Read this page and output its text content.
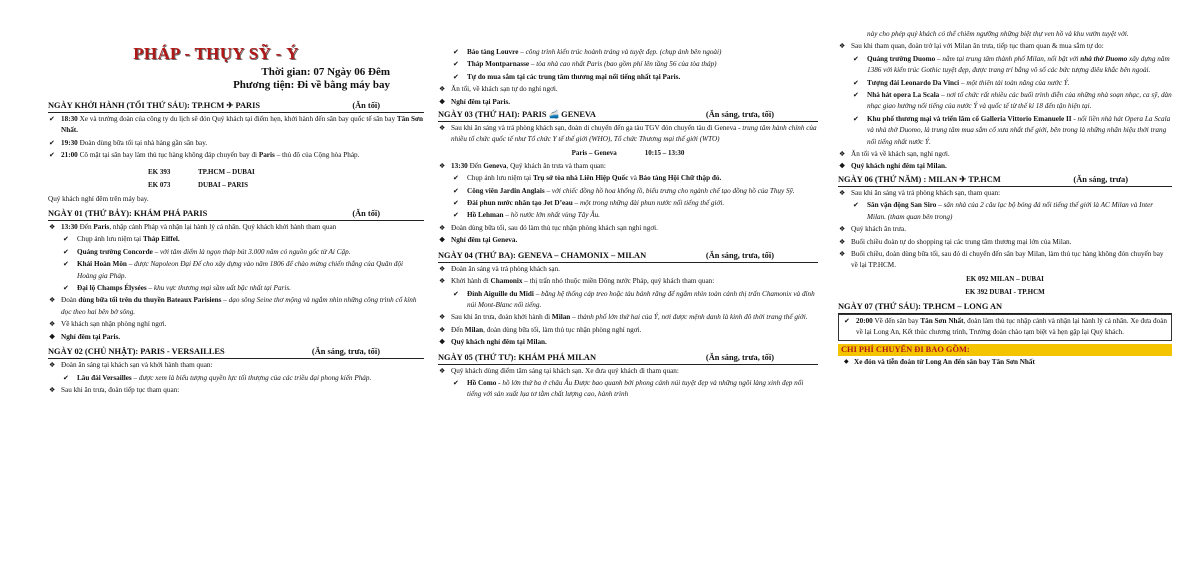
PHÁP - THỤY SỸ - Ý
Thời gian: 07 Ngày 06 Đêm
Phương tiện: Đi về bằng máy bay
NGÀY KHỞI HÀNH (TỐI THỨ SÁU): TP.HCM ✈ PARIS	(Ăn tối)
✔ 18:30 Xe và trưởng đoàn của công ty du lịch sẽ đón Quý khách tại điểm hẹn, khởi hành đến sân bay quốc tế sân bay Tân Sơn Nhất.
✔ 19:30 Đoàn dùng bữa tối tại nhà hàng gần sân bay.
✔ 21:00 Cô mặt tại sân bay làm thủ tục hàng không đáp chuyến bay đi Paris – thủ đô của Cộng hòa Pháp.
EK 393	TP.HCM – DUBAI
EK 073	DUBAI – PARIS
Quý khách nghỉ đêm trên máy bay.
NGÀY 01 (THỨ BẢY): KHÁM PHÁ PARIS	(Ăn tối)
❖ 13:30 Đến Paris, nhập cảnh Pháp và nhận lại hành lý cá nhân. Quý khách khởi hành tham quan
✔ Chụp ảnh lưu niệm tại Tháp Eiffel.
✔ Quảng trường Concorde – với tâm điểm là ngọn tháp bút 3.000 năm có nguồn gốc từ Ai Cập.
✔ Khải Hoàn Môn – được Napoleon Đại Đế cho xây dựng vào năm 1806 để chào mừng chiến thắng của Quân đội Hoàng gia Pháp.
✔ Đại lộ Champs Élysées – khu vực thương mại sầm uất bậc nhất tại Paris.
❖ Đoàn dùng bữa tối trên du thuyền Bateaux Parisiens – dạo sông Seine thơ mộng và ngắm nhìn những công trình cổ kính dọc theo hai bên bờ sông.
❖ Về khách sạn nhận phòng nghỉ ngơi.
❖ Nghỉ đêm tại Paris.
NGÀY 02 (CHỦ NHẬT): PARIS - VERSAILLES	(Ăn sáng, trưa, tối)
❖ Đoàn ăn sáng tại khách sạn và khởi hành tham quan:
✔ Lâu đài Versailles – được xem là biểu tượng quyền lực tối thượng của các triều đại phong kiến Pháp.
❖ Sau khi ăn trưa, đoàn tiếp tục tham quan:
✔ Bảo tàng Louvre – công trình kiến trúc hoành tráng và tuyệt đẹp. (chụp ảnh bên ngoài)
✔ Tháp Montparnasse – tòa nhà cao nhất Paris (bao gồm phí lên tầng 56 của tòa tháp)
✔ Tự do mua sắm tại các trung tâm thương mại nổi tiếng nhất tại Paris.
❖ Ăn tối, về khách sạn tự do nghỉ ngơi.
❖ Nghỉ đêm tại Paris.
NGÀY 03 (THỨ HAI): PARIS 🚄 GENEVA	(Ăn sáng, trưa, tối)
❖ Sau khi ăn sáng và trả phòng khách sạn, đoàn di chuyển đến ga tàu TGV đón chuyến tàu đi Geneva - trung tâm hành chính của nhiều tổ chức quốc tế như Tổ chức Y tế thế giới (WHO), Tổ chức Thương mại thế giới (WTO)
Paris – Geneva	10:15 – 13:30
❖ 13:30 Đến Geneva, Quý khách ăn trưa và tham quan:
✔ Chụp ảnh lưu niệm tại Trụ sở tòa nhà Liên Hiệp Quốc và Bảo tàng Hội Chữ thập đỏ.
✔ Công viên Jardin Anglais – với chiếc đồng hồ hoa khổng lồ, biểu trưng cho ngành chế tạo đồng hồ của Thụy Sỹ.
✔ Đài phun nước nhân tạo Jet D’eau – một trong những đài phun nước nổi tiếng thế giới.
✔ Hồ Lehman – hồ nước lớn nhất vùng Tây Âu.
❖ Đoàn dùng bữa tối, sau đó làm thủ tục nhận phòng khách sạn nghỉ ngơi.
❖ Nghỉ đêm tại Geneva.
NGÀY 04 (THỨ BA): GENEVA – CHAMONIX – MILAN	(Ăn sáng, trưa, tối)
❖ Đoàn ăn sáng và trả phòng khách sạn.
❖ Khởi hành đi Chamonix – thị trấn nhỏ thuộc miền Đông nước Pháp, quý khách tham quan:
✔ Đỉnh Aiguille du Midi – bằng hệ thống cáp treo hoặc tàu bánh răng để ngắm nhìn toàn cảnh thị trấn Chamonix và đỉnh núi Mont-Blanc nổi tiếng.
❖ Sau khi ăn trưa, đoàn khởi hành đi Milan – thành phố lớn thứ hai của Ý, nơi được mệnh danh là kinh đô thời trang thế giới.
❖ Đến Milan, đoàn dùng bữa tối, làm thủ tục nhận phòng nghỉ ngơi.
❖ Quý khách nghỉ đêm tại Milan.
NGÀY 05 (THỨ TƯ): KHÁM PHÁ MILAN	(Ăn sáng, trưa, tối)
❖ Quý khách dùng điểm tâm sáng tại khách sạn. Xe đưa quý khách đi tham quan:
✔ Hồ Como - hồ lớn thứ ba ở châu Âu Được bao quanh bởi phong cảnh núi tuyệt đẹp và những ngôi làng xinh đẹp nổi tiếng với sản xuất lụa tơ tằm chất lượng cao, hành trình
này cho phép quý khách có thể chiêm ngưỡng những biệt thự ven hồ và khu vườn tuyệt vời.
❖ Sau khi tham quan, đoàn trở lại với Milan ăn trưa, tiếp tục tham quan & mua sắm tự do:
✔ Quảng trường Duomo – nằm tại trung tâm thành phố Milan, nổi bật với nhà thờ Duomo xây dựng năm 1386 với kiến trúc Gothic tuyệt đẹp, được trang trí bằng vô số các bức tượng điêu khắc bên ngoài.
✔ Tượng đài Leonardo Da Vinci – một thiên tài toàn năng của nước Ý.
✔ Nhà hát opera La Scala – nơi tổ chức rất nhiều các buổi trình diễn của những nhà soạn nhạc, ca sỹ, dàn nhạc giao hưởng nổi tiếng của nước Ý và quốc tế từ thế kỉ 18 đến tận hiện tại.
✔ Khu phố thương mại và triển lãm cổ Galleria Vittorio Emanuele II - nối liền nhà hát Opera La Scala và nhà thờ Duomo, là trung tâm mua sắm cổ xưa nhất thế giới, bên trong là những nhãn hiệu thời trang nổi tiếng nhất nước Ý.
❖ Ăn tối và về khách sạn, nghỉ ngơi.
❖ Quý khách nghỉ đêm tại Milan.
NGÀY 06 (THỨ NĂM) : MILAN ✈ TP.HCM	(Ăn sáng, trưa)
❖ Sau khi ăn sáng và trả phòng khách sạn, tham quan:
✔ Sân vận động San Siro – sân nhà của 2 câu lạc bộ bóng đá nổi tiếng thế giới là AC Milan và Inter Milan. (tham quan bên trong)
❖ Quý khách ăn trưa.
❖ Buổi chiều đoàn tự do shopping tại các trung tâm thương mại lớn của Milan.
❖ Buổi chiều, đoàn dùng bữa tối, sau đó di chuyển đến sân bay Milan, làm thủ tục hàng không đón chuyến bay về lại TP.HCM.
EK 092 MILAN – DUBAI
EK 392 DUBAI - TP.HCM
NGÀY 07 (THỨ SÁU): TP.HCM – LONG AN
✔ 20:00 Về đến sân bay Tân Sơn Nhất, đoàn làm thủ tục nhập cảnh và nhận lại hành lý cá nhân. Xe đưa đoàn về lại Long An, Kết thúc chương trình, Trưởng đoàn chào tạm biệt và hẹn gặp lại Quý khách.
CHI PHÍ CHUYẾN ĐI BAO GỒM:
◆ Xe đón và tiễn đoàn từ Long An đến sân bay Tân Sơn Nhất
